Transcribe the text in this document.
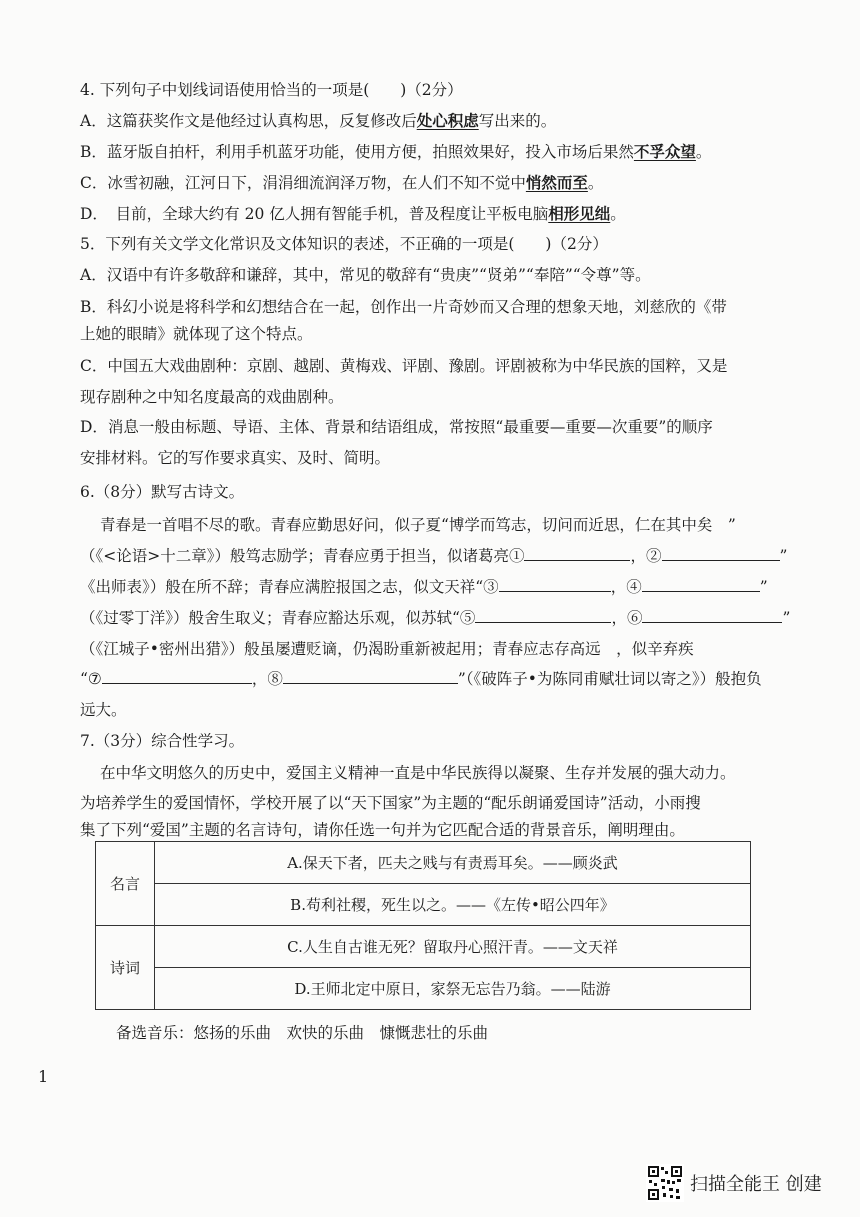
4. 下列句子中划线词语使用恰当的一项是(　　)（2分）
A．这篇获奖作文是他经过认真构思，反复修改后处心积虑写出来的。
B．蓝牙版自拍杆，利用手机蓝牙功能，使用方便，拍照效果好，投入市场后果然不孚众望。
C．冰雪初融，江河日下，涓涓细流润泽万物，在人们不知不觉中悄然而至。
D．　目前，全球大约有 20 亿人拥有智能手机，普及程度让平板电脑相形见绌。
5．下列有关文学文化常识及文体知识的表述，不正确的一项是(　　)（2分）
A．汉语中有许多敬辞和谦辞，其中，常见的敬辞有“贵庚”“贤弟”“奉陪”“令尊”等。
B．科幻小说是将科学和幻想结合在一起，创作出一片奇妙而又合理的想象天地，刘慈欣的《带
上她的眼睛》就体现了这个特点。
C．中国五大戏曲剧种：京剧、越剧、黄梅戏、评剧、豫剧。评剧被称为中华民族的国粹，又是
现存剧种之中知名度最高的戏曲剧种。
D．消息一般由标题、导语、主体、背景和结语组成，常按照“最重要—重要—次重要”的顺序
安排材料。它的写作要求真实、及时、简明。
6.（8分）默写古诗文。
青春是一首唱不尽的歌。青春应勤思好问，似子夏“博学而笃志，切问而近思，仁在其中矣　”
（《<论语>十二章》）般笃志励学；青春应勇于担当，似诸葛亮①	，②	”
《出师表》）般在所不辞；青春应满腔报国之志，似文天祥“③	，④	”
（《过零丁洋》）般舍生取义；青春应豁达乐观，似苏轼“⑤	，⑥	”
（《江城子•密州出猎》）般虽屡遭贬谪，仍渴盼重新被起用；青春应志存高远　，似辛弃疾
“⑦	，⑧	”（《破阵子•为陈同甫赋壮词以寄之》）般抱负
远大。
7.（3分）综合性学习。
在中华文明悠久的历史中，爱国主义精神一直是中华民族得以凝聚、生存并发展的强大动力。
为培养学生的爱国情怀，学校开展了以“天下国家”为主题的“配乐朗诵爱国诗”活动，小雨搜
集了下列“爱国”主题的名言诗句，请你任选一句并为它匹配合适的背景音乐，阐明理由。
名言	A.保天下者，匹夫之贱与有责焉耳矣。——顾炎武
	B.苟利社稷，死生以之。——《左传•昭公四年》
诗词	C.人生自古谁无死？留取丹心照汗青。——文天祥
	D.王师北定中原日，家祭无忘告乃翁。——陆游
备选音乐：悠扬的乐曲　欢快的乐曲　慷慨悲壮的乐曲
1
扫描全能王 创建
